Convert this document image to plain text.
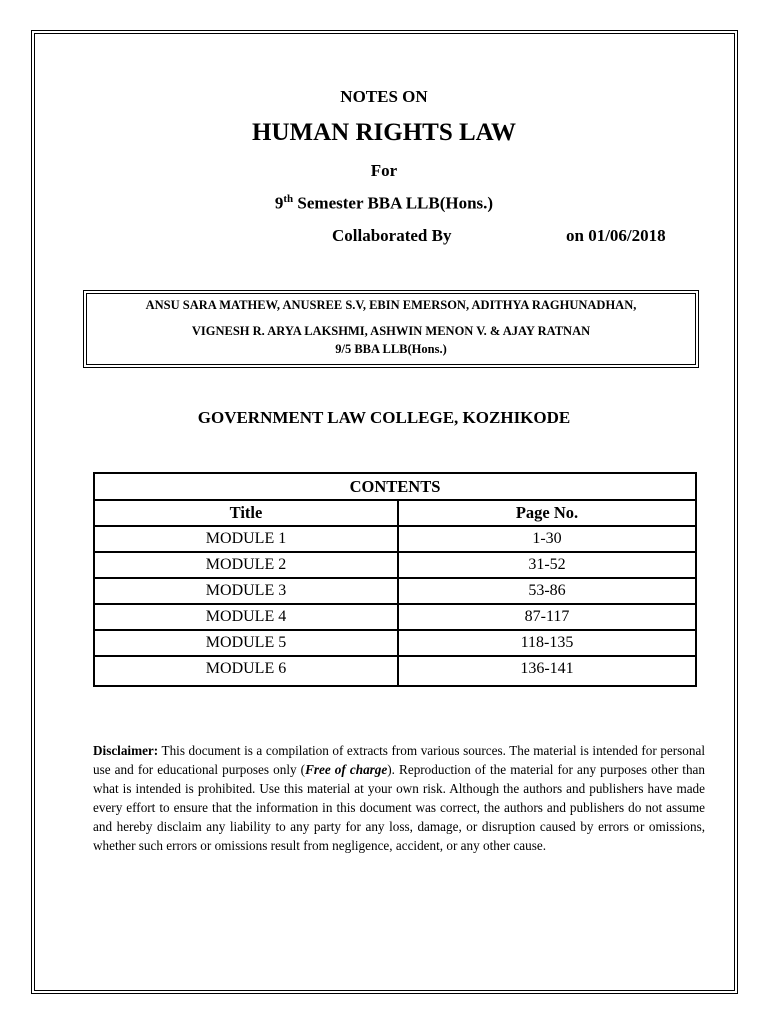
NOTES ON
HUMAN RIGHTS LAW
For
9th Semester BBA LLB(Hons.)
Collaborated By	on 01/06/2018
ANSU SARA MATHEW, ANUSREE S.V, EBIN EMERSON, ADITHYA RAGHUNADHAN,
VIGNESH R. ARYA LAKSHMI, ASHWIN MENON V. & AJAY RATNAN
9/5 BBA LLB(Hons.)
GOVERNMENT LAW COLLEGE, KOZHIKODE
CONTENTS	
Title	Page No.
MODULE 1	1-30
MODULE 2	31-52
MODULE 3	53-86
MODULE 4	87-117
MODULE 5	118-135
MODULE 6	136-141
Disclaimer: This document is a compilation of extracts from various sources. The material is intended for personal use and for educational purposes only (Free of charge). Reproduction of the material for any purposes other than what is intended is prohibited. Use this material at your own risk. Although the authors and publishers have made every effort to ensure that the information in this document was correct, the authors and publishers do not assume and hereby disclaim any liability to any party for any loss, damage, or disruption caused by errors or omissions, whether such errors or omissions result from negligence, accident, or any other cause.
